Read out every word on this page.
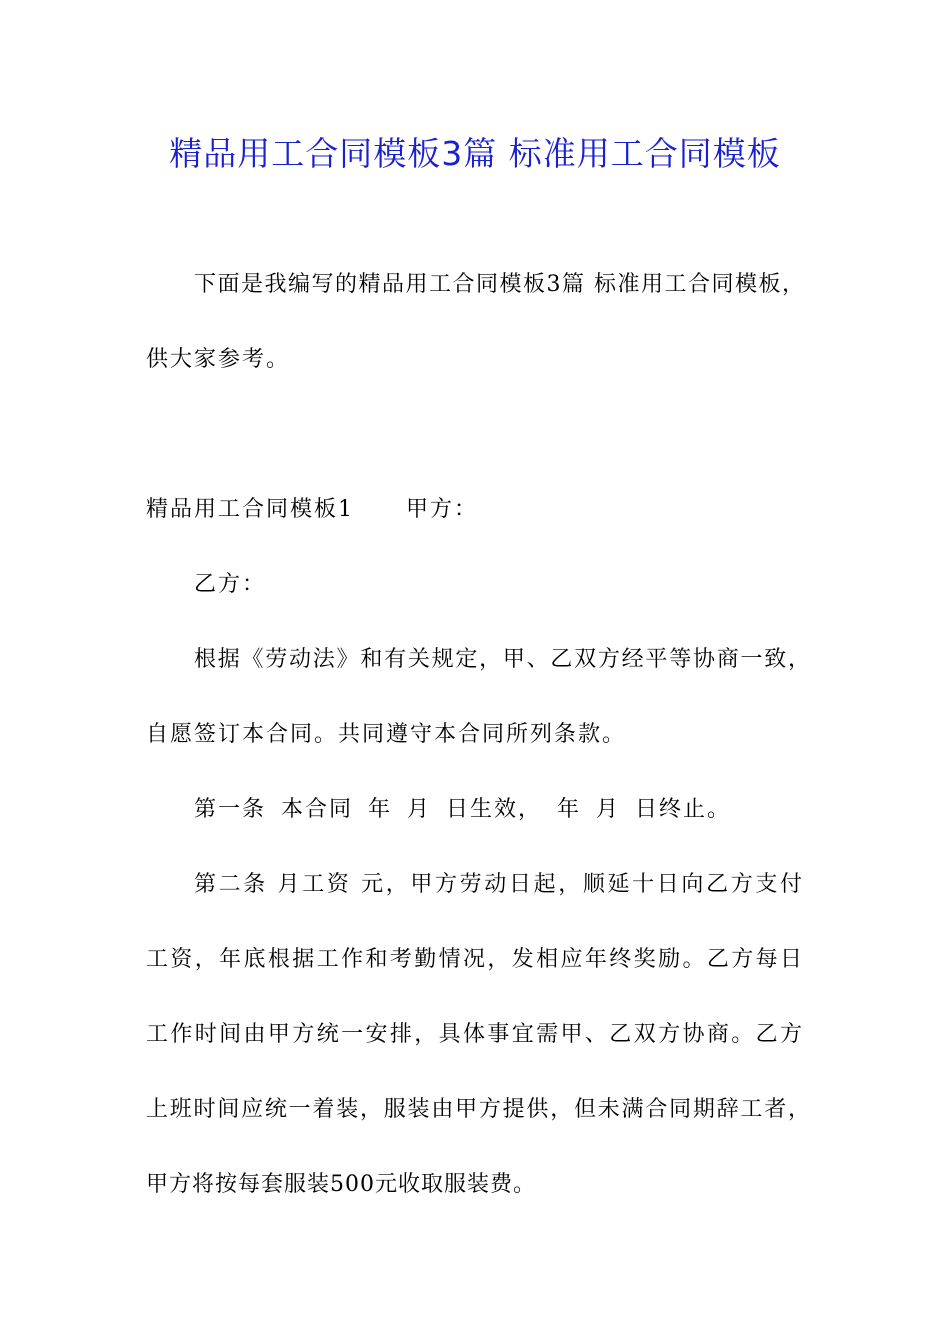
精品用工合同模板3篇 标准用工合同模板
下面是我编写的精品用工合同模板3篇 标准用工合同模板，
供大家参考。
精品用工合同模板1 甲方：
乙方：
根据《劳动法》和有关规定，甲、乙双方经平等协商一致，
自愿签订本合同。共同遵守本合同所列条款。
第一条 本合同 年 月 日生效， 年 月 日终止。
第二条 月工资 元，甲方劳动日起，顺延十日向乙方支付
工资，年底根据工作和考勤情况，发相应年终奖励。乙方每日
工作时间由甲方统一安排，具体事宜需甲、乙双方协商。乙方
上班时间应统一着装，服装由甲方提供，但未满合同期辞工者，
甲方将按每套服装500元收取服装费。
